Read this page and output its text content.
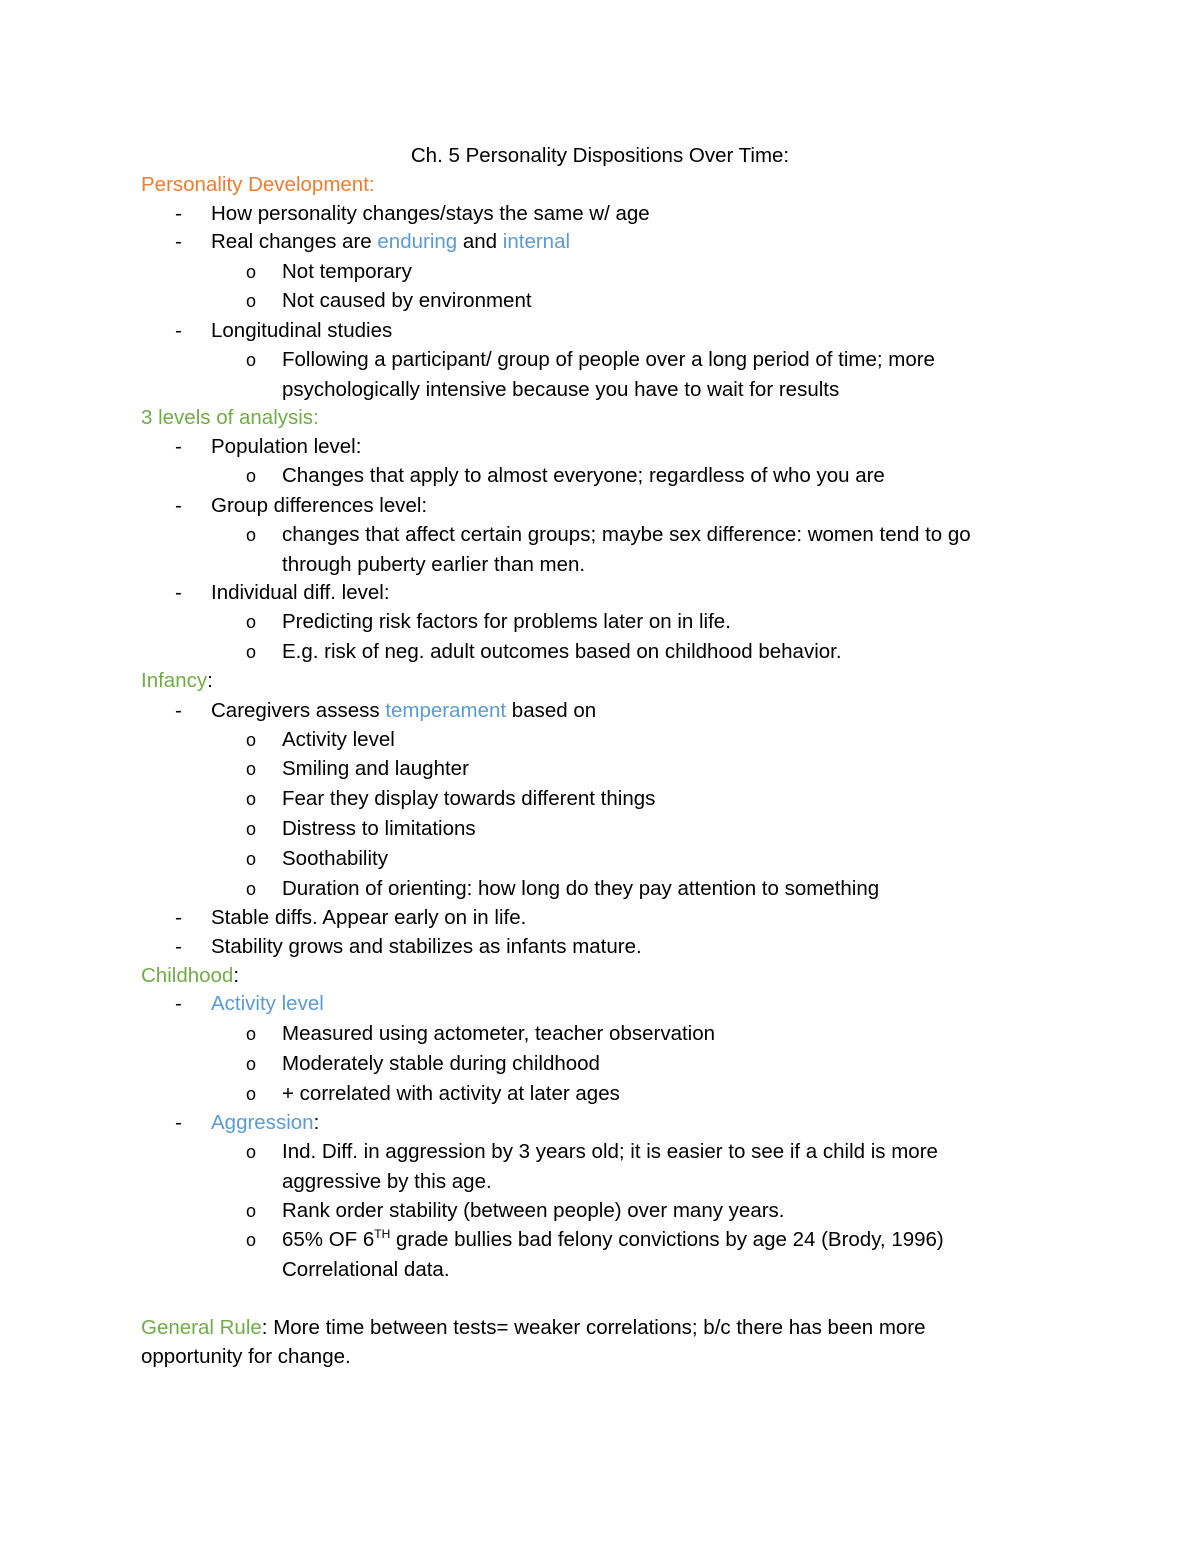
Ch. 5 Personality Dispositions Over Time:
Personality Development:
- How personality changes/stays the same w/ age
- Real changes are enduring and internal
o Not temporary
o Not caused by environment
- Longitudinal studies
o Following a participant/ group of people over a long period of time; more
psychologically intensive because you have to wait for results
3 levels of analysis:
- Population level:
o Changes that apply to almost everyone; regardless of who you are
- Group differences level:
o changes that affect certain groups; maybe sex difference: women tend to go
through puberty earlier than men.
- Individual diff. level:
o Predicting risk factors for problems later on in life.
o E.g. risk of neg. adult outcomes based on childhood behavior.
Infancy:
- Caregivers assess temperament based on
o Activity level
o Smiling and laughter
o Fear they display towards different things
o Distress to limitations
o Soothability
o Duration of orienting: how long do they pay attention to something
- Stable diffs. Appear early on in life.
- Stability grows and stabilizes as infants mature.
Childhood:
- Activity level
o Measured using actometer, teacher observation
o Moderately stable during childhood
o + correlated with activity at later ages
- Aggression:
o Ind. Diff. in aggression by 3 years old; it is easier to see if a child is more
aggressive by this age.
o Rank order stability (between people) over many years.
o 65% OF 6TH grade bullies bad felony convictions by age 24 (Brody, 1996)
Correlational data.
General Rule: More time between tests= weaker correlations; b/c there has been more
opportunity for change.
